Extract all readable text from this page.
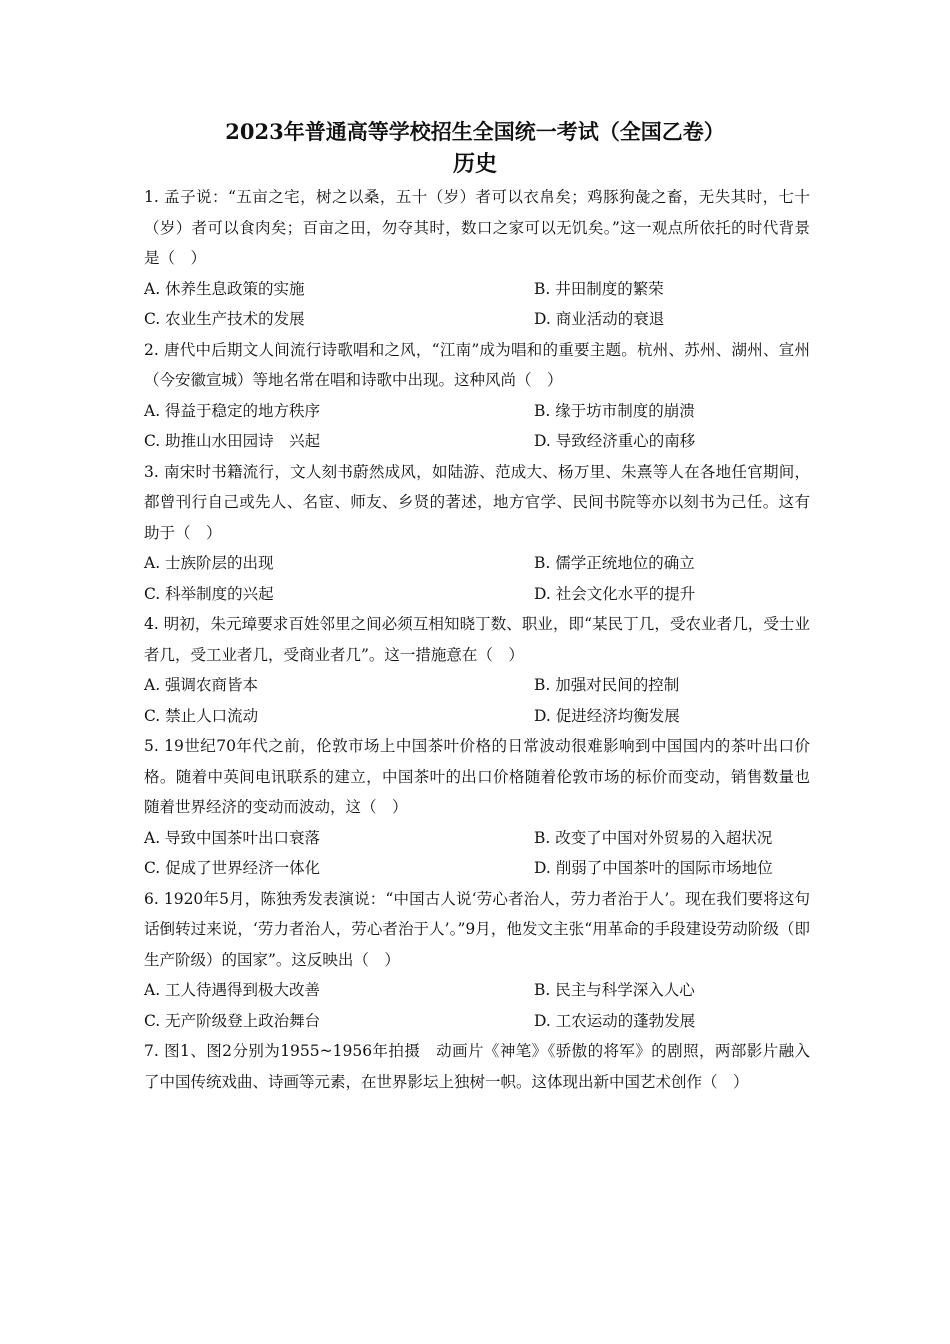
2023年普通高等学校招生全国统一考试（全国乙卷）
历史
1. 孟子说：“五亩之宅，树之以桑，五十（岁）者可以衣帛矣；鸡豚狗彘之畜，无失其时，七十（岁）者可以食肉矣；百亩之田，勿夺其时，数口之家可以无饥矣。”这一观点所依托的时代背景是（　）
A. 休养生息政策的实施	B. 井田制度的繁荣
C. 农业生产技术的发展	D. 商业活动的衰退
2. 唐代中后期文人间流行诗歌唱和之风，“江南”成为唱和的重要主题。杭州、苏州、湖州、宣州（今安徽宣城）等地名常在唱和诗歌中出现。这种风尚（　）
A. 得益于稳定的地方秩序	B. 缘于坊市制度的崩溃
C. 助推山水田园诗　兴起	D. 导致经济重心的南移
3. 南宋时书籍流行，文人刻书蔚然成风，如陆游、范成大、杨万里、朱熹等人在各地任官期间，都曾刊行自己或先人、名宦、师友、乡贤的著述，地方官学、民间书院等亦以刻书为己任。这有助于（　）
A. 士族阶层的出现	B. 儒学正统地位的确立
C. 科举制度的兴起	D. 社会文化水平的提升
4. 明初，朱元璋要求百姓邻里之间必须互相知晓丁数、职业，即“某民丁几，受农业者几，受士业者几，受工业者几，受商业者几”。这一措施意在（　）
A. 强调农商皆本	B. 加强对民间的控制
C. 禁止人口流动	D. 促进经济均衡发展
5. 19世纪70年代之前，伦敦市场上中国茶叶价格的日常波动很难影响到中国国内的茶叶出口价格。随着中英间电讯联系的建立，中国茶叶的出口价格随着伦敦市场的标价而变动，销售数量也随着世界经济的变动而波动，这（　）
A. 导致中国茶叶出口衰落	B. 改变了中国对外贸易的入超状况
C. 促成了世界经济一体化	D. 削弱了中国茶叶的国际市场地位
6. 1920年5月，陈独秀发表演说：“中国古人说‘劳心者治人，劳力者治于人’。现在我们要将这句话倒转过来说，‘劳力者治人，劳心者治于人’。”9月，他发文主张“用革命的手段建设劳动阶级（即生产阶级）的国家”。这反映出（　）
A. 工人待遇得到极大改善	B. 民主与科学深入人心
C. 无产阶级登上政治舞台	D. 工农运动的蓬勃发展
7. 图1、图2分别为1955~1956年拍摄　动画片《神笔》《骄傲的将军》的剧照，两部影片融入了中国传统戏曲、诗画等元素，在世界影坛上独树一帜。这体现出新中国艺术创作（　）
